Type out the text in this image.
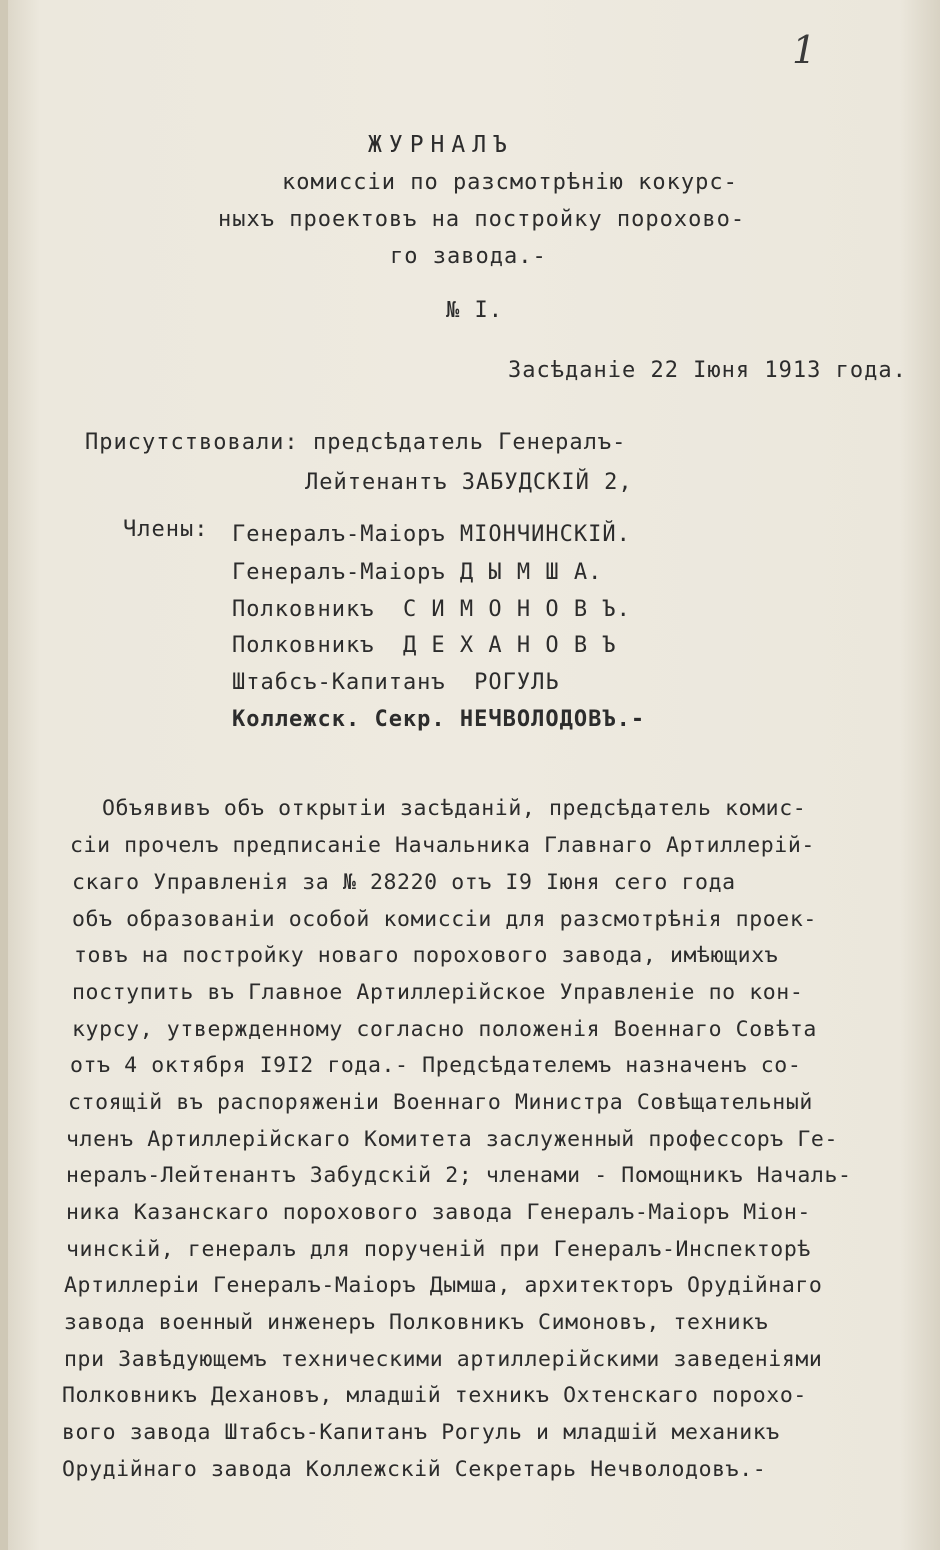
1
ЖУРНАЛЪ
комиссiи по разсмотрѣнiю кокурс-
ныхъ проектовъ на постройку порохово-
го завода.-
№ I.
Засѣданiе 22 Iюня 1913 года.
Присутствовали: предсѣдатель Генералъ-
Лейтенантъ ЗАБУДСКIЙ 2,
Члены: Генералъ-Маiоръ МIОНЧИНСКIЙ.
Генералъ-Маiоръ Д Ы М Ш А.
Полковникъ  С И М О Н О В Ъ.
Полковникъ  Д Е Х А Н О В Ъ
Штабсъ-Капитанъ  РОГУЛЬ
Коллежск. Секр. НЕЧВОЛОДОВЪ.-
Объявивъ объ открытiи засѣданiй, предсѣдатель комис-
сiи прочелъ предписанiе Начальника Главнаго Артиллерiй-
скаго Управленiя за № 28220 отъ I9 Iюня сего года
объ образованiи особой комиссiи для разсмотрѣнiя проек-
товъ на постройку новаго порохового завода, имѣющихъ
поступить въ Главное Артиллерiйское Управленiе по кон-
курсу, утвержденному согласно положенiя Военнаго Совѣта
отъ 4 октября I9I2 года.- Предсѣдателемъ назначенъ со-
стоящiй въ распоряженiи Военнаго Министра Совѣщательный
членъ Артиллерiйскаго Комитета заслуженный профессоръ Ге-
нералъ-Лейтенантъ Забудскiй 2; членами - Помощникъ Началь-
ника Казанскаго порохового завода Генералъ-Маiоръ Мiон-
чинскiй, генералъ для порученiй при Генералъ-Инспекторѣ
Артиллерiи Генералъ-Маiоръ Дымша, архитекторъ Орудiйнаго
завода военный инженеръ Полковникъ Симоновъ, техникъ
при Завѣдующемъ техническими артиллерiйскими заведенiями
Полковникъ Дехановъ, младшiй техникъ Охтенскаго порохо-
вого завода Штабсъ-Капитанъ Рогуль и младшiй механикъ
Орудiйнаго завода Коллежскiй Секретарь Нечволодовъ.-
